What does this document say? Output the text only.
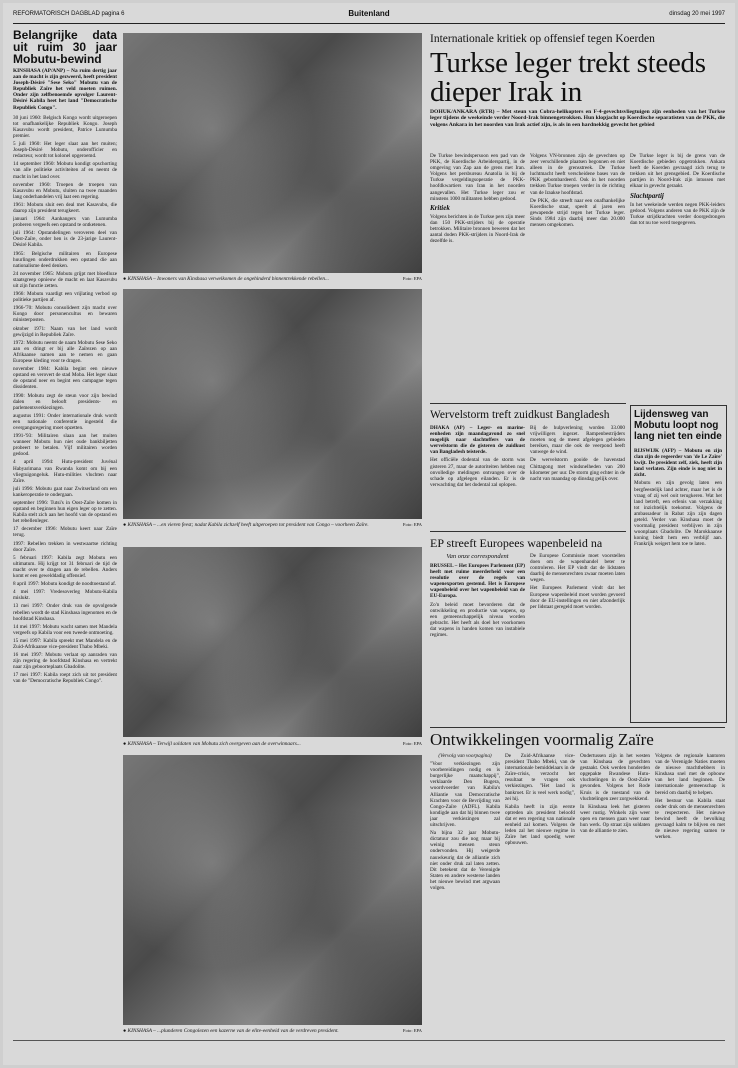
REFORMATORISCH DAGBLAD pagina 6	Buitenland	dinsdag 20 mei 1997
Belangrijke data uit ruim 30 jaar Mobutu-bewind
KINSHASA (AP/ANP) – Na ruim dertig jaar aan de macht is zijn gezweerd, heeft president Joseph-Désiré "Sese Seko" Mobutu van de Republiek Zaïre het veld moeten ruimen. Onder zijn zelfbenoemde opvolger Laurent-Désiré Kabila heet het land "Democratische Republiek Congo".

30 juni 1960: Belgisch Kongo wordt uitgeroepen tot onafhankelijke Republiek Kongo. Joseph Kasavubu wordt president, Patrice Lumumba premier.

5 juli 1960: Het leger slaat aan het muiten; Joseph-Désiré Mobutu, onderofficier en redacteur, wordt tot kolonel opgeroemd.

14 september 1960: Mobutu kondigt opschorting van alle politieke activiteiten af en neemt de macht in het land over.

november 1960: Troepen de troepen van Kasavubu en Mobutu, sluiten na twee maanden lang onderhandelen vrij laat een regering.

1961: Mobutu sluit een deal met Kasavubu, die daarop zijn president terugkeert.

januari 1964: Aanhangers van Lumumba proberen vergeefs een opstand te ontketenen.

juli 1964: Opstandelingen veroveren deel van Oost-Zaïre, onder hen is de 23-jarige Laurent-Désiré Kabila.

1965: Belgische militairen en Europese huurlingen onderdrukken een opstand die aan nationalisme deed denken.

24 november 1965: Mobutu grijpt met bloedloze staatsgreep opnieuw de macht en laat Kasavubu uit zijn functie zetten.

1966: Mobutu vaardigt een vrijlating verbod op politieke partijen af.

1966-'70: Mobutu consolideert zijn macht over Kongo door personencultus en bewaren ministerposten.

oktober 1971: Naam van het land wordt gewijzigd in Republiek Zaïre.

1972: Mobutu neemt de naam Mobutu Sese Seko aan en dringt er bij alle Zaïrezen op aan Afrikaanse namen aan te nemen en gaan Europese kleding voor te dragen.

november 1984: Kabila begint een nieuwe opstand en verovert de stad Moba. Het leger slaat de opstand neer en begint een campagne tegen dissidenten.

1990: Mobutu zegt de steun voor zijn bewind dalen en belooft presidents- en parlementsverkiezingen.

augustus 1991: Onder internationale druk wordt een nationale conferentie ingesteld die overgangsregering moet opzetten.

1991-'93: Militairen slaan aan het muiten wanneer Mobutu hun niet oude bankbiljetten probeert te betalen. Vijf militairen worden gedood.

4 april 1994: Hutu-president Juvénal Habyarimana van Rwanda komt om bij een vliegtuigongeluk. Hutu-milities vluchten naar Zaïre.

juli 1996: Mobutu gaat naar Zwitserland om een kankeroperatie te ondergaan.

september 1996: Tutsi's in Oost-Zaïre komen in opstand en beginnen hun eigen leger op te zetten. Kabila stelt zich aan het hoofd van de opstand en het rebellenleger.

17 december 1996: Mobutu keert naar Zaïre terug.

1997: Rebellen trekken in westwaartse richting door Zaïre.

5 februari 1997: Kabila zegt Mobutu een ultimatum. Hij krijgt tot 31 februari de tijd de macht over te dragen aan de rebellen. Anders komt er een gewelddadig offensief.

8 april 1997: Mobutu kondigt de noodtoestand af.

4 mei 1997: Vredesoverleg Mobutu-Kabila mislukt.

13 mei 1997: Onder druk van de opvolgende rebellen wordt de stad Kinshasa ingenomen en de hoofdstad Kinshasa.

14 mei 1997: Mobutu wacht samen met Mandela vergeefs op Kabila voor een tweede ontmoeting.

15 mei 1997: Kabila spreekt met Mandela en de Zuid-Afrikaanse vice-president Thabo Mbeki.

16 mei 1997: Mobutu verlaat op aanraden van zijn regering de hoofdstad Kinshasa en vertrekt naar zijn geboorteplaats Gbadolite.

17 mei 1997: Kabila roept zich uit tot president van de "Democratische Republiek Congo".

● KINSHASA – Inwoners van Kinshasa verwelkomen de ongehinderd binnentrekkende rebellen...	Foto: EPA
● KINSHASA – ...en vieren feest; nadat Kabila zichzelf heeft uitgeroepen tot president van Congo – voorheen Zaïre.	Foto: EPA
● KINSHASA – Terwijl soldaten van Mobutu zich overgeven aan de overwinnaars...	Foto: EPA
● KINSHASA – ...plunderen Congolezen een kazerne van de elite-eenheid van de verdreven president.	Foto: EPA
Internationale kritiek op offensief tegen Koerden
Turkse leger trekt steeds dieper Irak in
DOHUK/ANKARA (RTR) – Met steun van Cobra-helikopters en F-4-gevechtsvliegtuigen zijn eenheden van het Turkse leger tijdens de weekeinde verder Noord-Irak binnengetrokken. Hun klopjacht op Koerdische separatisten van de PKK, die volgens Ankara in het noorden van Irak actief zijn, is als in een hardnekkig gevecht het gebied

De Turkse bewindspersoon een pad van de PKK, de Koerdische Arbeiderspartij, in de omgeving van Zap aan de grens met Iran. Volgens het persbureau Anatolia is bij de Turkse vergeldingsoperatie de PKK-hoofdkwartiers van Iran in het noorden aangevallen. Het Turkse leger zou er minstens 1000 militanten hebben gedood.

Kritiek

Volgens berichten in de Turkse pers zijn meer dan 150 PKK-strijders bij de operatie betrokken. Militaire bronnen beweren dat het aantal doden PKK-strijders in Noord-Irak de dezelfde is.

Volgens VN-bronnen zijn de gevechten op zeer verschillende plaatsen begonnen en niet alleen in de grensstreek. De Turkse luchtmacht heeft verscheidene bases van de PKK gebombardeerd. Ook in het noorden trekken Turkse troepen verder in de richting van de Iraakse hoofdstad.

De PKK, die streeft naar een onafhankelijke Koerdische staat, speelt al jaren een gewapende strijd tegen het Turkse leger. Sinds 1984 zijn daarbij meer dan 20.000 mensen omgekomen.

De Turkse leger is bij de grens van de Koerdische gebieden opgetrokken. Ankara heeft de Koerden gevraagd zich terug te trekken uit het grensgebied. De Koerdische partijen in Noord-Irak zijn intussen met elkaar in gevecht geraakt.

Slachtpartij

In het weekeinde werden negen PKK-leiders gedood. Volgens anderen van de PKK zijn de Turkse strijdkrachten verder doorgedrongen dan tot nu toe werd toegegeven.

Wervelstorm treft zuidkust Bangladesh

DHAKA (AP) – Leger- en marine-eenheden zijn maandagavond zo snel mogelijk naar slachtoffers van de wervelstorm die de gisteren de zuidkust van Bangladesh teisterde.

Het officiële dodental van de storm was gisteren 27, maar de autoriteiten hebben nog onvolledige meldingen ontvangen over de schade op afgelegen eilanden. Er is de verwachting dat het dodental zal oplopen.

Bij de hulpverlening worden 33.000 vrijwilligers ingezet. Rampenbestrijders moeten nog de meest afgelegen gebieden bereiken, maar die ook de veerpond heeft vanwege de wind.

De wervelstorm gooide de havenstad Chittagong met windsnelheden van 200 kilometer per uur. De storm ging echter in de nacht van maandag op dinsdag gelijk over.

Lijdensweg van Mobutu loopt nog lang niet ten einde

RIJSWIJK (AFP) – Mobutu en zijn clan zijn de regeerder van 'de Le Zaïre' kwijt. De president zelf, ziek, heeft zijn land verlaten. Zijn einde is nog niet in zicht.

Mobutu en zijn gevolg laten een bergfeestelijk land achter, maar het is de vraag of zij wel ooit terugkeren. Wat het land betreft, een erfenis van verzakking tot inzichtelijk toekomst. Volgens de ambassadeur in Rabat zijn zijn dagen geteld. Verder van Kinshasa moet de voormalig president verblijven in zijn woonplaats Gbadolite. De Marokkaanse koning biedt hem een verblijf aan. Frankrijk weigert hem toe te laten.

EP streeft Europees wapenbeleid na
Van onze correspondent

BRUSSEL – Het Europees Parlement (EP) heeft met ruime meerderheid voor een resolutie over de regels van wapenexporten gestemd. Het is Europese wapenbeleid over het wapenbeleid van de EU-Europa.

Zo'n beleid moet bevorderen dat de ontwikkeling en productie van wapens, op een gemeenschappelijk niveau worden gebracht. Het heeft als doel het voorkomen dat wapens in handen komen van instabiele regimes.

De Europese Commissie moet voorstellen doen om de wapenhandel beter te controleren. Het EP vindt dat de lidstaten daarbij de mensenrechten zwaar moeten laten wegen.

Het Europees Parlement vindt dat het Europese wapenbeleid moet worden gevoerd door de EU-instellingen en niet afzonderlijk per lidstaat geregeld moet worden.

Ontwikkelingen voormalig Zaïre

(Vervolg van voorpagina)

"Voor verkiezingen zijn voorbereidingen nodig en is burgerlijke maatschappij", verklaarde Den Bugera, woordvoerder van Kabila's Alliantie van Democratische Krachten voor de Bevrijding van Congo-Zaïre (ADFL). Kabila kondigde aan dat hij binnen twee jaar verkiezingen zal uitschrijven.

Na bijna 32 jaar Mobutu-dictatuur zou die nog maar bij weinig mensen steun ondervonden. Hij weigerde nauwkeurig dat de alliantie zich niet onder druk zal laten zetten. Dit betekent dat de Verenigde Staten en andere westerse landen het nieuwe bewind met argwaan volgen.

De Zuid-Afrikaanse vice-president Thabo Mbeki, van de internationale bemiddelaars in de Zaïre-crisis, verzocht het resultaat te vragen ook verkiezingen. "Het land is bankroet. Er is veel werk nodig", zei hij.

Kabila heeft in zijn eerste optreden als president beloofd dat er een regering van nationale eenheid zal komen. Volgens de leden zal het nieuwe regime in Zaïre het land spoedig weer opbouwen.

Ondertussen zijn in het westen van Kinshasa de gevechten gestaakt. Ook werden honderden opgepakte Rwandese Hutu-vluchtelingen in de Oost-Zaïre gevonden. Volgens het Rode Kruis is de toestand van de vluchtelingen zeer zorgwekkend.

In Kinshasa leek het gisteren weer rustig. Winkels zijn weer open en mensen gaan weer naar hun werk. Op straat zijn soldaten van de alliantie te zien.

Volgens de regionale kantoren van de Verenigde Naties moeten de nieuwe machthebbers in Kinshasa snel met de opbouw van het land beginnen. De internationale gemeenschap is bereid om daarbij te helpen.

Het bestuur van Kabila staat onder druk om de mensenrechten te respecteren. Het nieuwe bewind heeft de bevolking gevraagd kalm te blijven en met de nieuwe regering samen te werken.
